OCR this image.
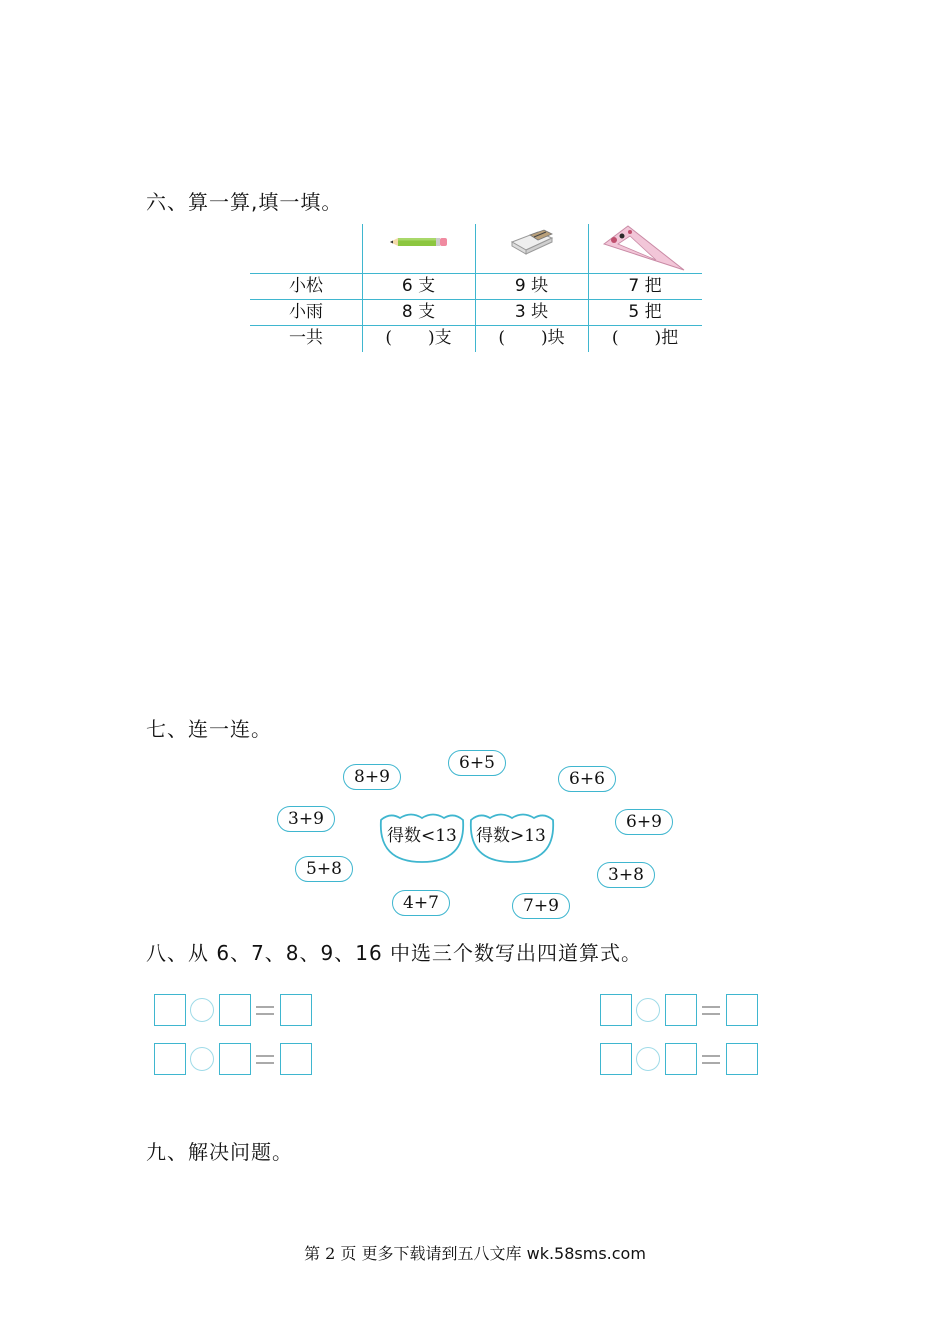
六、算一算,填一填。
小松	6 支	9 块	7 把
小雨	8 支	3 块	5 把
一共	( )支	( )块	( )把
七、连一连。
8+9
6+5
6+6
3+9	6+9
5+8	3+8
4+7	7+9
得数<13 得数>13
八、从 6、7、8、9、16 中选三个数写出四道算式。
九、解决问题。
第 2 页 更多下载请到五八文库 wk.58sms.com
